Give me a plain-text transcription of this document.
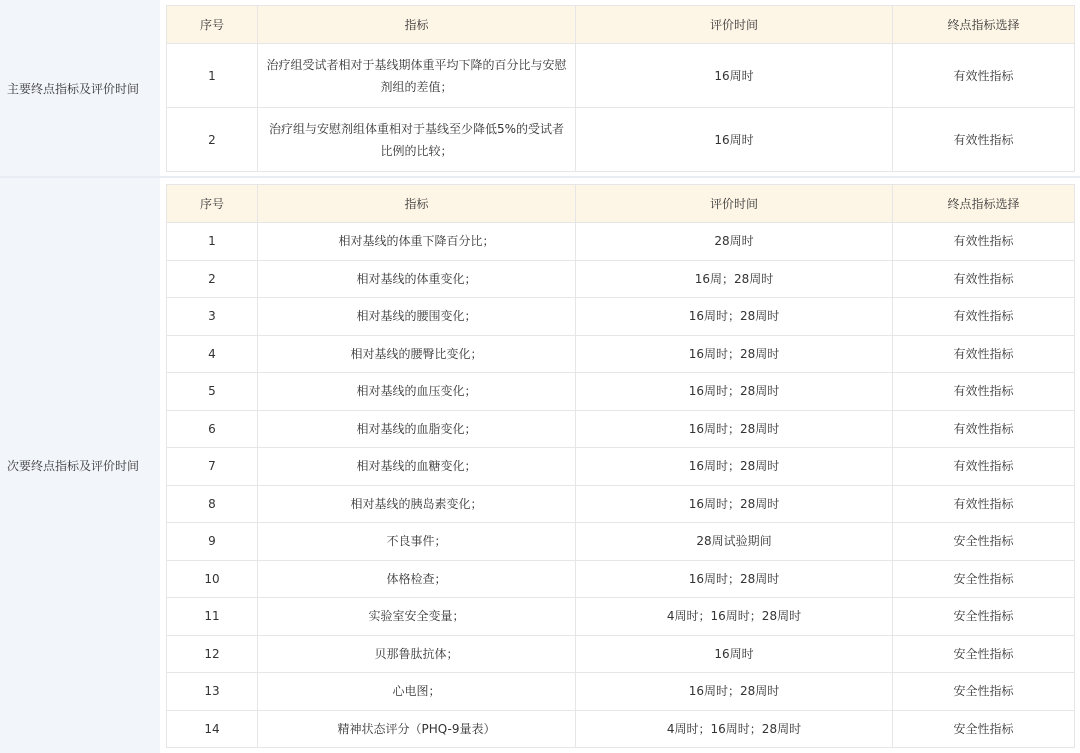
主要终点指标及评价时间
序号	指标	评价时间	终点指标选择
1	治疗组受试者相对于基线期体重平均下降的百分比与安慰剂组的差值；	16周时	有效性指标
2	治疗组与安慰剂组体重相对于基线至少降低5%的受试者比例的比较；	16周时	有效性指标
次要终点指标及评价时间
序号	指标	评价时间	终点指标选择
1	相对基线的体重下降百分比；	28周时	有效性指标
2	相对基线的体重变化；	16周；28周时	有效性指标
3	相对基线的腰围变化；	16周时；28周时	有效性指标
4	相对基线的腰臀比变化；	16周时；28周时	有效性指标
5	相对基线的血压变化；	16周时；28周时	有效性指标
6	相对基线的血脂变化；	16周时；28周时	有效性指标
7	相对基线的血糖变化；	16周时；28周时	有效性指标
8	相对基线的胰岛素变化；	16周时；28周时	有效性指标
9	不良事件；	28周试验期间	安全性指标
10	体格检查；	16周时；28周时	安全性指标
11	实验室安全变量；	4周时；16周时；28周时	安全性指标
12	贝那鲁肽抗体；	16周时	安全性指标
13	心电图；	16周时；28周时	安全性指标
14	精神状态评分（PHQ-9量表）	4周时；16周时；28周时	安全性指标
